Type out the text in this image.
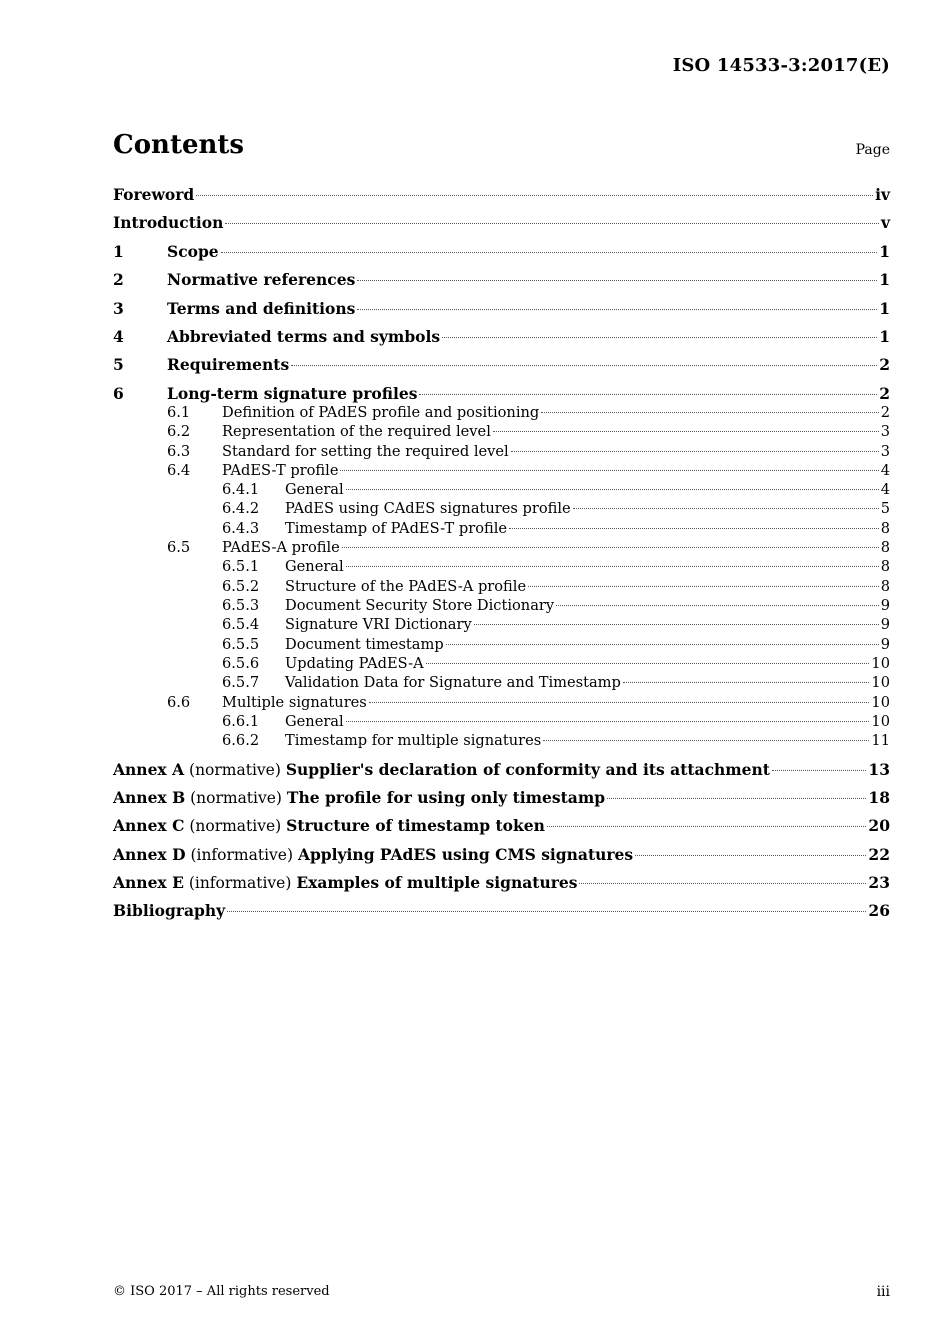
ISO 14533-3:2017(E)
Contents	Page
Foreword	iv
Introduction	v
1	Scope	1
2	Normative references	1
3	Terms and definitions	1
4	Abbreviated terms and symbols	1
5	Requirements	2
6	Long-term signature profiles	2
6.1	Definition of PAdES profile and positioning	2
6.2	Representation of the required level	3
6.3	Standard for setting the required level	3
6.4	PAdES-T profile	4
6.4.1	General	4
6.4.2	PAdES using CAdES signatures profile	5
6.4.3	Timestamp of PAdES-T profile	8
6.5	PAdES-A profile	8
6.5.1	General	8
6.5.2	Structure of the PAdES-A profile	8
6.5.3	Document Security Store Dictionary	9
6.5.4	Signature VRI Dictionary	9
6.5.5	Document timestamp	9
6.5.6	Updating PAdES-A	10
6.5.7	Validation Data for Signature and Timestamp	10
6.6	Multiple signatures	10
6.6.1	General	10
6.6.2	Timestamp for multiple signatures	11
Annex A (normative) Supplier's declaration of conformity and its attachment	13
Annex B (normative) The profile for using only timestamp	18
Annex C (normative) Structure of timestamp token	20
Annex D (informative) Applying PAdES using CMS signatures	22
Annex E (informative) Examples of multiple signatures	23
Bibliography	26
© ISO 2017 – All rights reserved	iii
